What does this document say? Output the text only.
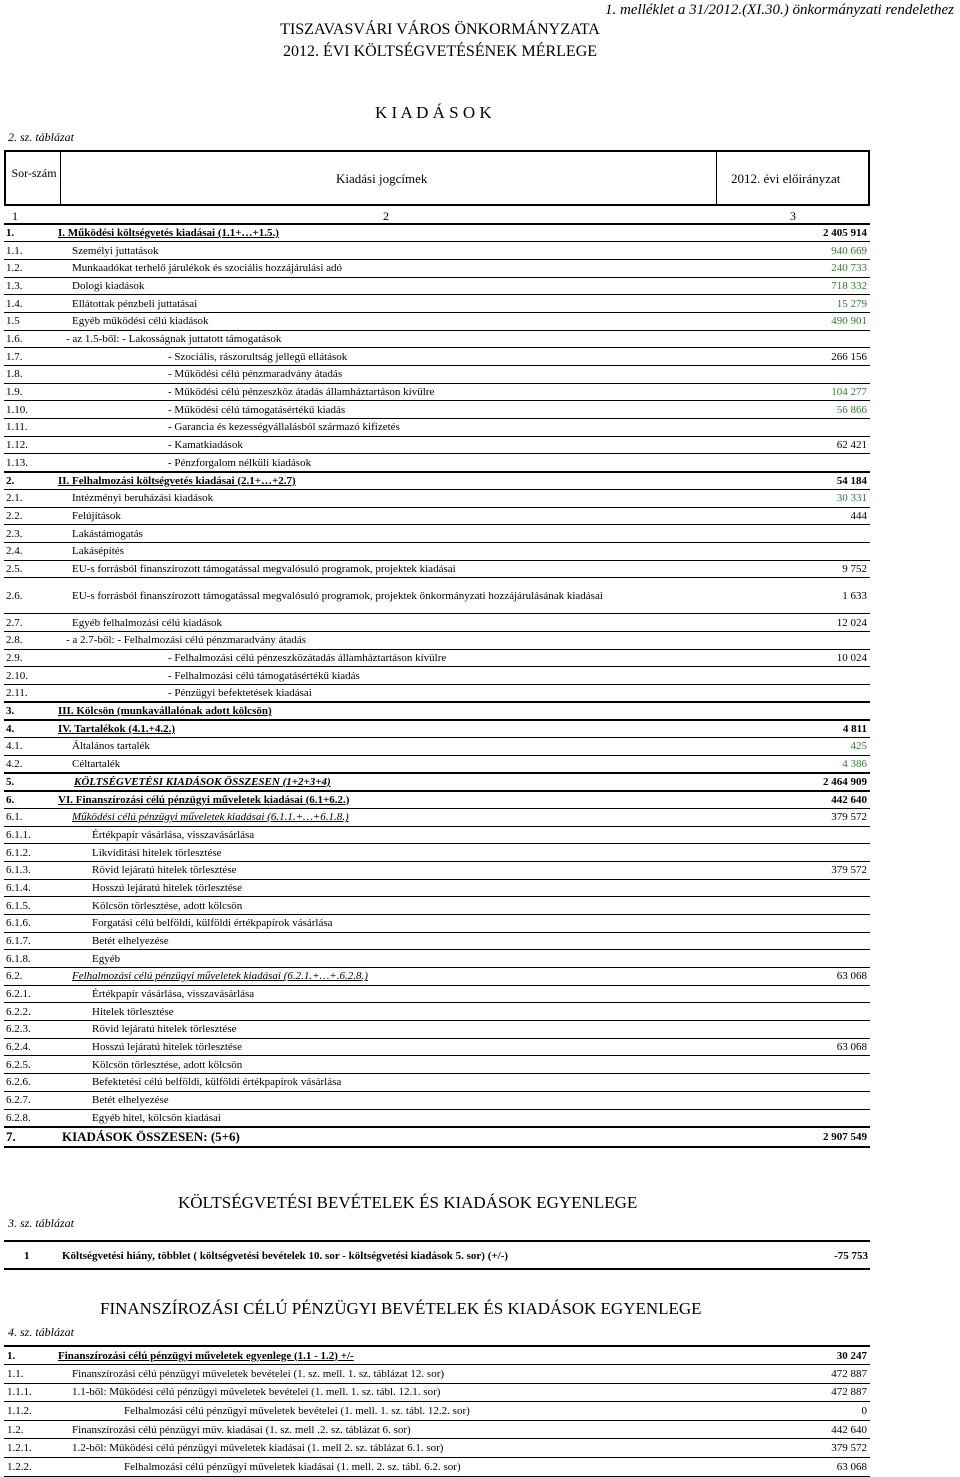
1. melléklet a 31/2012.(XI.30.) önkormányzati rendelethez
TISZAVASVÁRI VÁROS ÖNKORMÁNYZATA
2012. ÉVI KÖLTSÉGVETÉSÉNEK MÉRLEGE
K I A D Á S O K
2. sz. táblázat
Sor-szám	Kiadási jogcímek	2012. évi előirányzat
1	2	3
1.	I. Működési költségvetés kiadásai (1.1+…+1.5.)	2 405 914
1.1.	Személyi juttatások	940 669
1.2.	Munkaadókat terhelő járulékok és szociális hozzájárulási adó	240 733
1.3.	Dologi kiadások	718 332
1.4.	Ellátottak pénzbeli juttatásai	15 279
1.5	Egyéb működési célú kiadások	490 901
1.6.	- az 1.5-ből: - Lakosságnak juttatott támogatások	
1.7.	- Szociális, rászorultság jellegű ellátások	266 156
1.8.	- Működési célú pénzmaradvány átadás	
1.9.	- Működési célú pénzeszköz átadás államháztartáson kívülre	104 277
1.10.	- Működési célú támogatásértékű kiadás	56 866
1.11.	- Garancia és kezességvállalásból származó kifizetés	
1.12.	- Kamatkiadások	62 421
1.13.	- Pénzforgalom nélküli kiadások	
2.	II. Felhalmozási költségvetés kiadásai (2.1+…+2.7)	54 184
2.1.	Intézményi beruházási kiadások	30 331
2.2.	Felújítások	444
2.3.	Lakástámogatás	
2.4.	Lakásépítés	
2.5.	EU-s forrásból finanszírozott támogatással megvalósuló programok, projektek kiadásai	9 752
2.6.	EU-s forrásból finanszírozott támogatással megvalósuló programok, projektek önkormányzati hozzájárulásának kiadásai	1 633
2.7.	Egyéb felhalmozási célú kiadások	12 024
2.8.	- a 2.7-ből: - Felhalmozási célú pénzmaradvány átadás	
2.9.	- Felhalmozási célú pénzeszközátadás államháztartáson kívülre	10 024
2.10.	- Felhalmozási célú támogatásértékű kiadás	
2.11.	- Pénzügyi befektetések kiadásai	
3.	III. Kölcsön (munkavállalónak adott kölcsön)	
4.	IV. Tartalékok (4.1.+4.2.)	4 811
4.1.	Általános tartalék	425
4.2.	Céltartalék	4 386
5.	KÖLTSÉGVETÉSI KIADÁSOK ÖSSZESEN (1+2+3+4)	2 464 909
6.	VI. Finanszírozási célú pénzügyi műveletek kiadásai (6.1+6.2.)	442 640
6.1.	Működési célú pénzügyi műveletek kiadásai (6.1.1.+…+6.1.8.)	379 572
6.1.1.	Értékpapír vásárlása, visszavásárlása	
6.1.2.	Likviditási hitelek törlesztése	
6.1.3.	Rövid lejáratú hitelek törlesztése	379 572
6.1.4.	Hosszú lejáratú hitelek törlesztése	
6.1.5.	Kölcsön törlesztése, adott kölcsön	
6.1.6.	Forgatási célú belföldi, külföldi értékpapírok vásárlása	
6.1.7.	Betét elhelyezése	
6.1.8.	Egyéb	
6.2.	Felhalmozási célú pénzügyi műveletek kiadásai (6.2.1.+…+.6.2.8.)	63 068
6.2.1.	Értékpapír vásárlása, visszavásárlása	
6.2.2.	Hitelek törlesztése	
6.2.3.	Rövid lejáratú hitelek törlesztése	
6.2.4.	Hosszú lejáratú hitelek törlesztése	63 068
6.2.5.	Kölcsön törlesztése, adott kölcsön	
6.2.6.	Befektetési célú belföldi, külföldi értékpapírok vásárlása	
6.2.7.	Betét elhelyezése	
6.2.8.	Egyéb hitel, kölcsön kiadásai	
7.	KIADÁSOK ÖSSZESEN: (5+6)	2 907 549
3. sz. táblázat
KÖLTSÉGVETÉSI BEVÉTELEK ÉS KIADÁSOK EGYENLEGE
1	Költségvetési hiány, többlet ( költségvetési bevételek 10. sor - költségvetési kiadások 5. sor) (+/-)	-75 753
4. sz. táblázat
FINANSZÍROZÁSI CÉLÚ PÉNZÜGYI BEVÉTELEK ÉS KIADÁSOK EGYENLEGE
1.	Finanszírozási célú pénzügyi műveletek egyenlege (1.1 - 1.2) +/-	30 247
1.1.	Finanszírozási célú pénzügyi műveletek bevételei (1. sz. mell. 1. sz. táblázat 12. sor)	472 887
1.1.1.	1.1-ből: Működési célú pénzügyi műveletek bevételei (1. mell. 1. sz. tábl. 12.1. sor)	472 887
1.1.2.	Felhalmozási célú pénzügyi műveletek bevételei (1. mell. 1. sz. tábl. 12.2. sor)	0
1.2.	Finanszírozási célú pénzügyi műv. kiadásai (1. sz. mell .2. sz. táblázat 6. sor)	442 640
1.2.1.	1.2-ből: Működési célú pénzügyi műveletek kiadásai (1. mell 2. sz. táblázat 6.1. sor)	379 572
1.2.2.	Felhalmozási célú pénzügyi műveletek kiadásai (1. mell. 2. sz. tábl. 6.2. sor)	63 068
